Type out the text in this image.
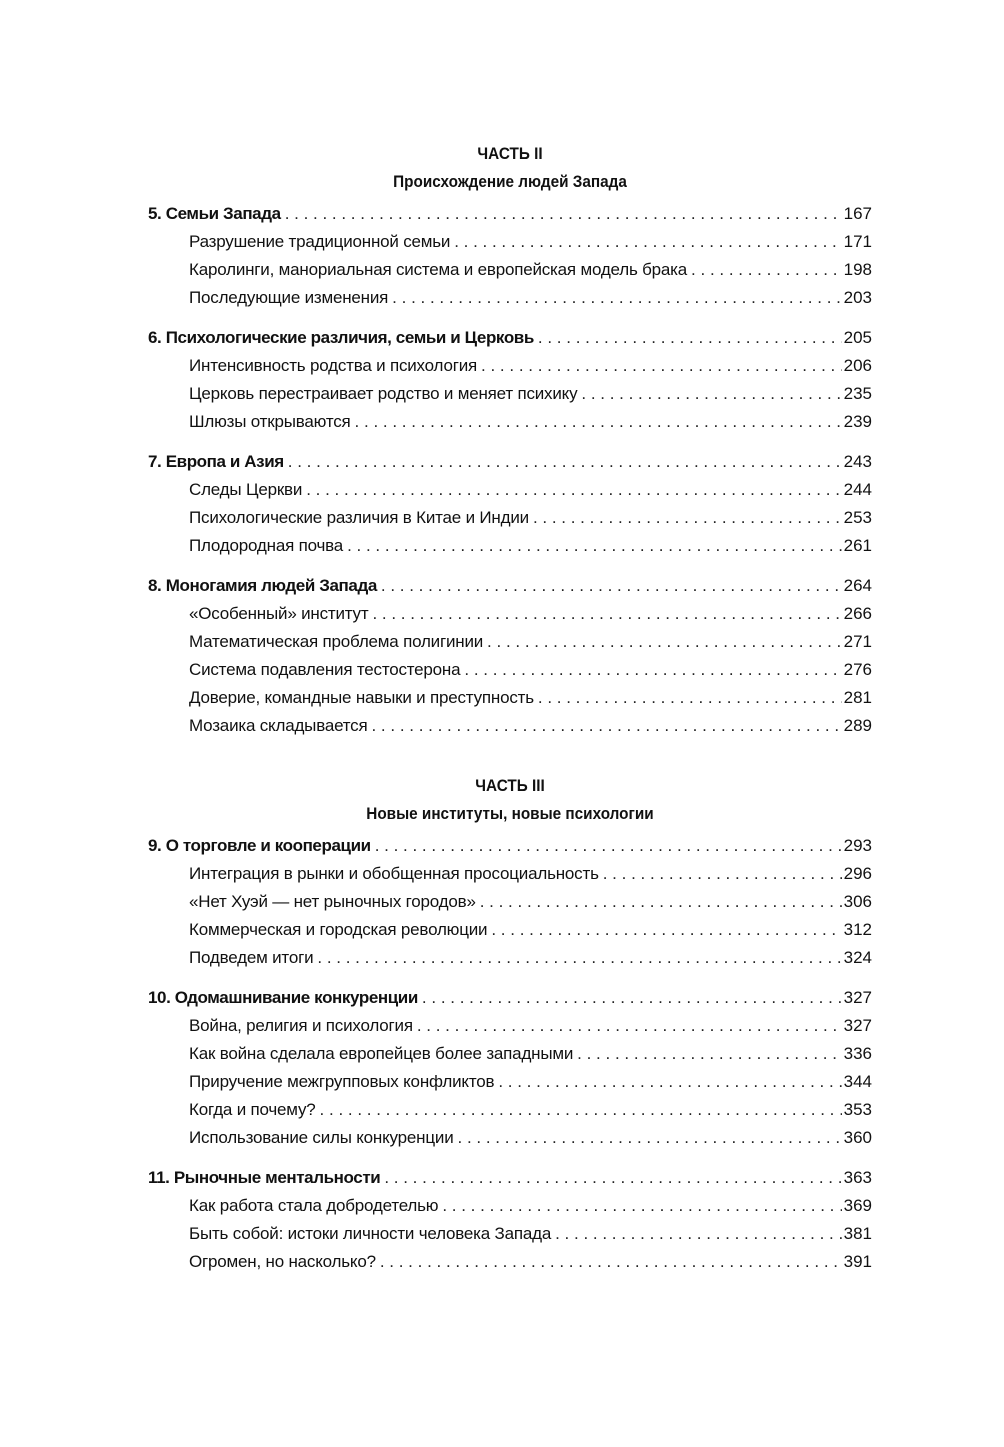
ЧАСТЬ II
Происхождение людей Запада
5. Семьи Запада . . .	167
Разрушение традиционной семьи . . .	171
Каролинги, манориальная система и европейская модель брака . . .	198
Последующие изменения . . .	203
6. Психологические различия, семьи и Церковь . . .	205
Интенсивность родства и психология . . .	206
Церковь перестраивает родство и меняет психику . . .	235
Шлюзы открываются . . .	239
7. Европа и Азия . . .	243
Следы Церкви . . .	244
Психологические различия в Китае и Индии . . .	253
Плодородная почва . . .	261
8. Моногамия людей Запада . . .	264
«Особенный» институт . . .	266
Математическая проблема полигинии . . .	271
Система подавления тестостерона . . .	276
Доверие, командные навыки и преступность . . .	281
Мозаика складывается . . .	289
ЧАСТЬ III
Новые институты, новые психологии
9. О торговле и кооперации . . .	293
Интеграция в рынки и обобщенная просоциальность . . .	296
«Нет Хуэй — нет рыночных городов» . . .	306
Коммерческая и городская революции . . .	312
Подведем итоги . . .	324
10. Одомашнивание конкуренции . . .	327
Война, религия и психология . . .	327
Как война сделала европейцев более западными . . .	336
Приручение межгрупповых конфликтов . . .	344
Когда и почему? . . .	353
Использование силы конкуренции . . .	360
11. Рыночные ментальности . . .	363
Как работа стала добродетелью . . .	369
Быть собой: истоки личности человека Запада . . .	381
Огромен, но насколько? . . .	391
